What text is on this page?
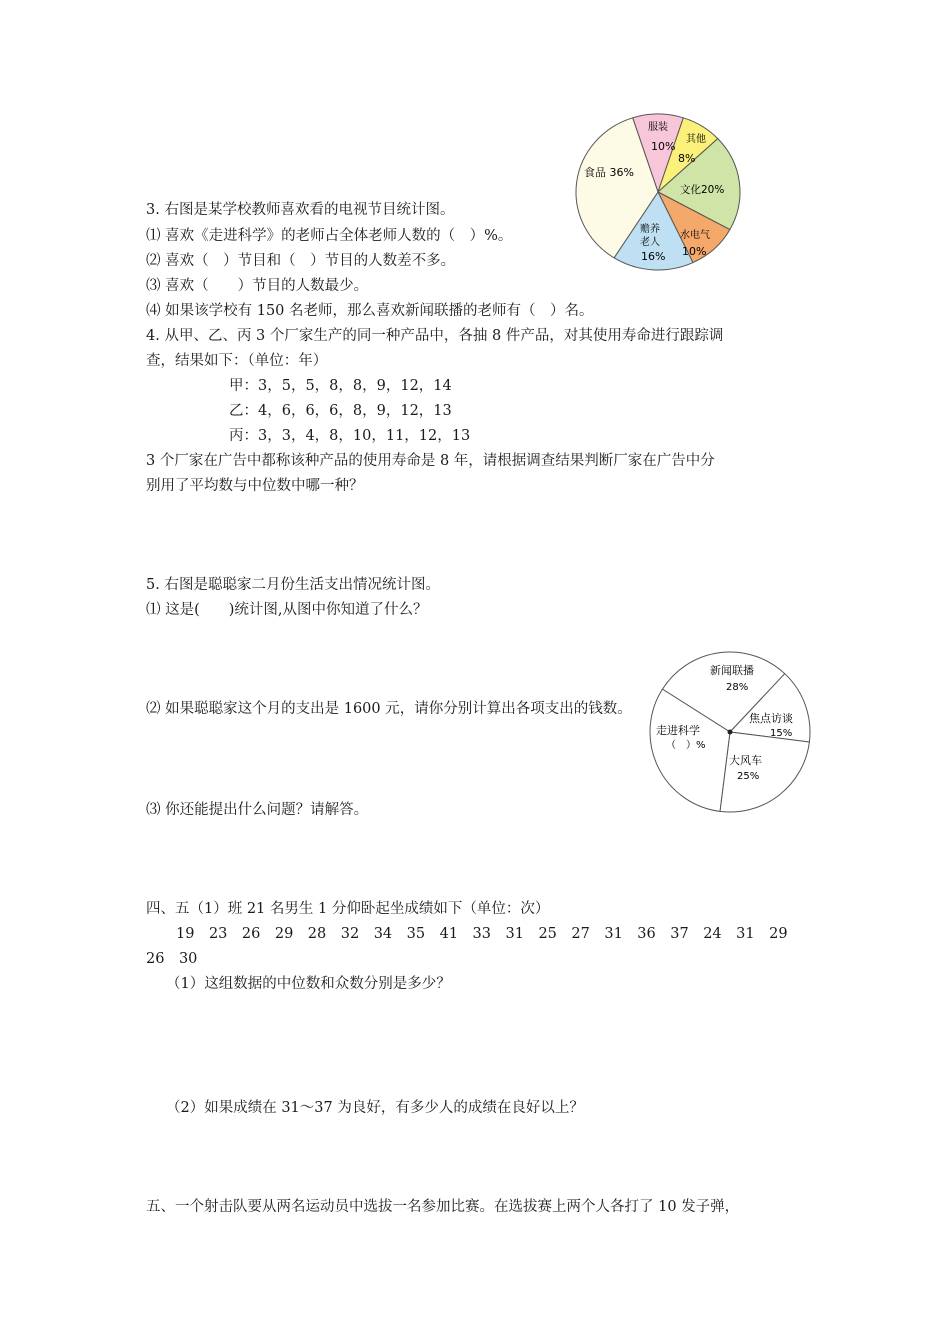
3. 右图是某学校教师喜欢看的电视节目统计图。
⑴ 喜欢《走进科学》的老师占全体老师人数的（　）%。
⑵ 喜欢（　）节目和（　）节目的人数差不多。
⑶ 喜欢（　　）节目的人数最少。
⑷ 如果该学校有 150 名老师，那么喜欢新闻联播的老师有（　）名。
服装
10%
其他
8%
文化20%
水电气
10%
赡养
老人
16%
食品 36%
4. 从甲、乙、丙 3 个厂家生产的同一种产品中，各抽 8 件产品，对其使用寿命进行跟踪调
查，结果如下：（单位：年）
甲：3，5，5，8，8，9，12，14
乙：4，6，6，6，8，9，12，13
丙：3，3，4，8，10，11，12，13
3 个厂家在广告中都称该种产品的使用寿命是 8 年，请根据调查结果判断厂家在广告中分
别用了平均数与中位数中哪一种？
5. 右图是聪聪家二月份生活支出情况统计图。
⑴ 这是(　　)统计图,从图中你知道了什么？
⑵ 如果聪聪家这个月的支出是 1600 元，请你分别计算出各项支出的钱数。
⑶ 你还能提出什么问题？请解答。
新闻联播
28%
焦点访谈
15%
大风车
25%
走进科学
（　）%
四、五（1）班 21 名男生 1 分仰卧起坐成绩如下（单位：次）
19　23　26　29　28　32　34　35　41　33　31　25　27　31　36　37　24　31　29
26　30
（1）这组数据的中位数和众数分别是多少？
（2）如果成绩在 31～37 为良好，有多少人的成绩在良好以上？
五、一个射击队要从两名运动员中选拔一名参加比赛。在选拔赛上两个人各打了 10 发子弹，
